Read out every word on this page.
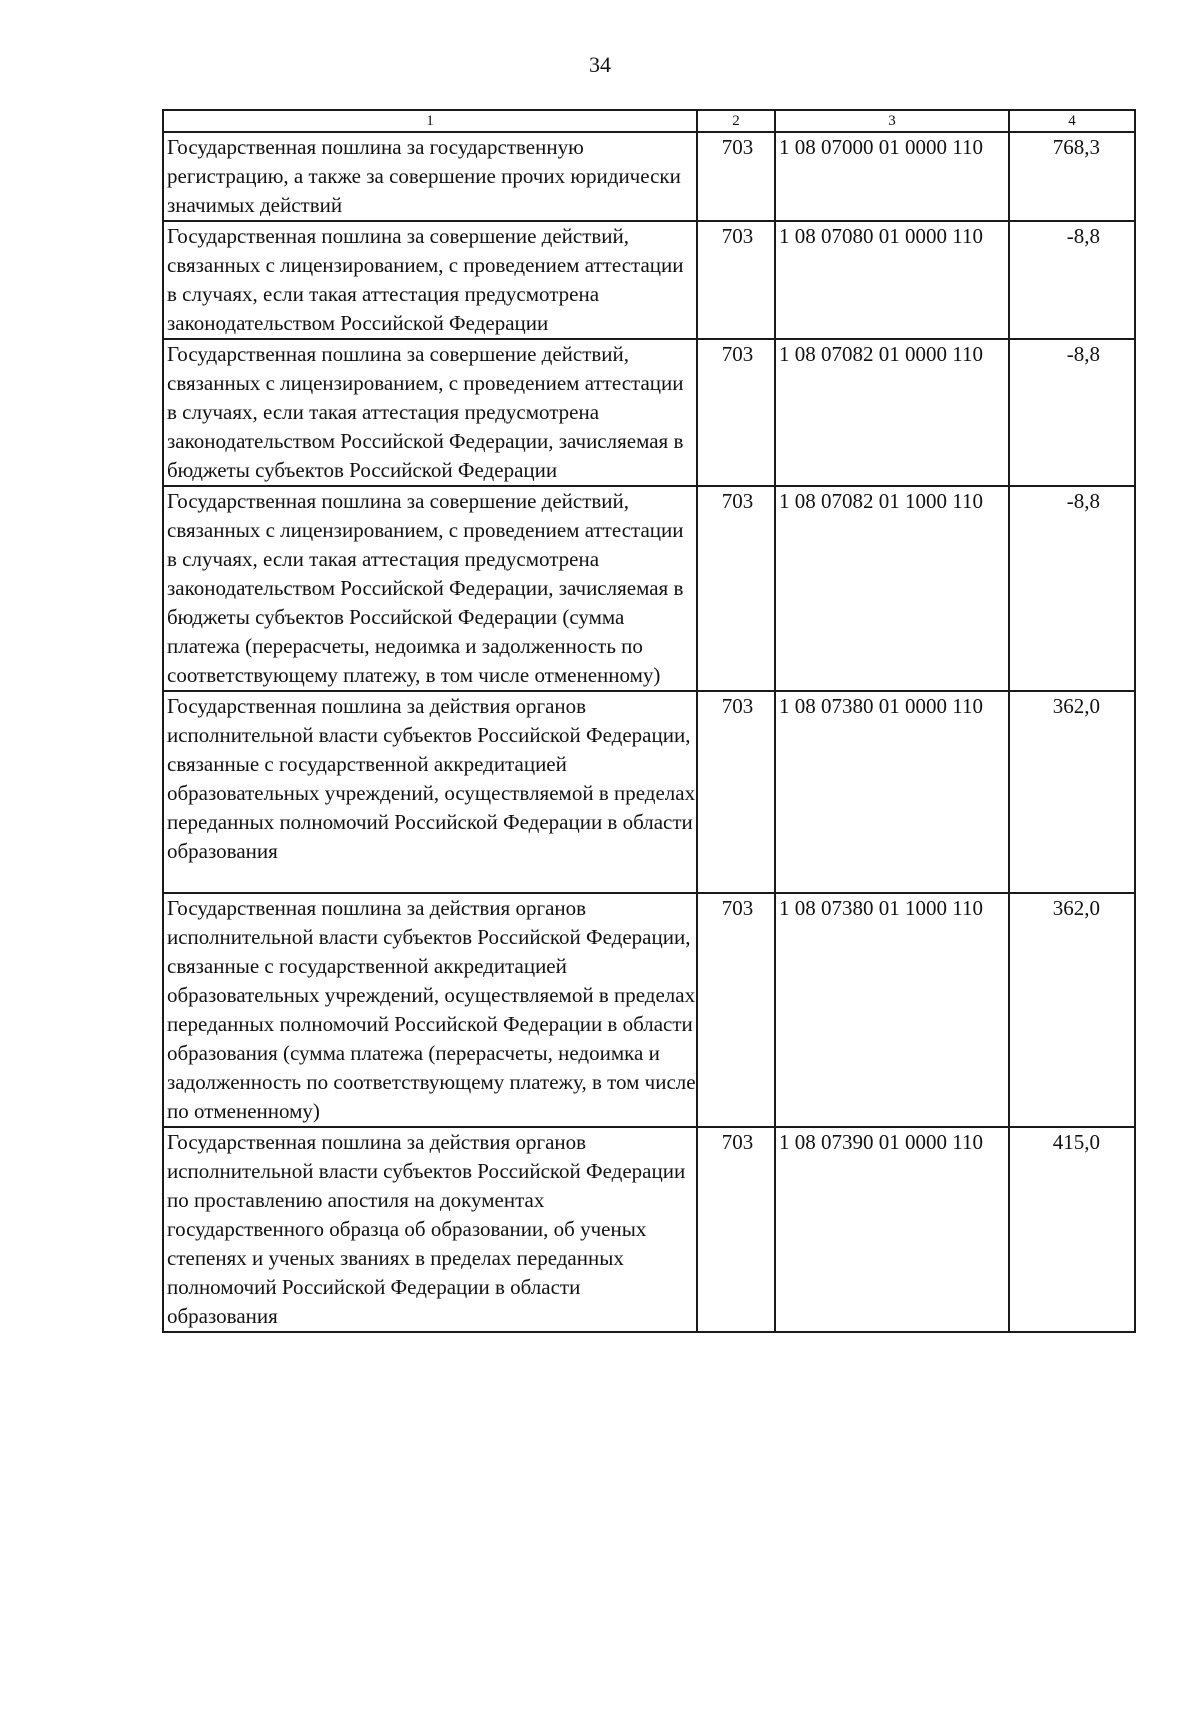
34
1	2	3	4
Государственная пошлина за государственную регистрацию, а также за совершение прочих юридически значимых действий	703	1 08 07000 01 0000 110	768,3
Государственная пошлина за совершение действий, связанных с лицензированием, с проведением аттестации в случаях, если такая аттестация предусмотрена законодательством Российской Федерации	703	1 08 07080 01 0000 110	-8,8
Государственная пошлина за совершение действий, связанных с лицензированием, с проведением аттестации в случаях, если такая аттестация предусмотрена законодательством Российской Федерации, зачисляемая в бюджеты субъектов Российской Федерации	703	1 08 07082 01 0000 110	-8,8
Государственная пошлина за совершение действий, связанных с лицензированием, с проведением аттестации в случаях, если такая аттестация предусмотрена законодательством Российской Федерации, зачисляемая в бюджеты субъектов Российской Федерации (сумма платежа (перерасчеты, недоимка и задолженность по соответствующему платежу, в том числе отмененному)	703	1 08 07082 01 1000 110	-8,8
Государственная пошлина за действия органов исполнительной власти субъектов Российской Федерации, связанные с государственной аккредитацией образовательных учреждений, осуществляемой в пределах переданных полномочий Российской Федерации в области образования	703	1 08 07380 01 0000 110	362,0
Государственная пошлина за действия органов исполнительной власти субъектов Российской Федерации, связанные с государственной аккредитацией образовательных учреждений, осуществляемой в пределах переданных полномочий Российской Федерации в области образования (сумма платежа (перерасчеты, недоимка и задолженность по соответствующему платежу, в том числе по отмененному)	703	1 08 07380 01 1000 110	362,0
Государственная пошлина за действия органов исполнительной власти субъектов Российской Федерации по проставлению апостиля на документах государственного образца об образовании, об ученых степенях и ученых званиях в пределах переданных полномочий Российской Федерации в области образования	703	1 08 07390 01 0000 110	415,0
